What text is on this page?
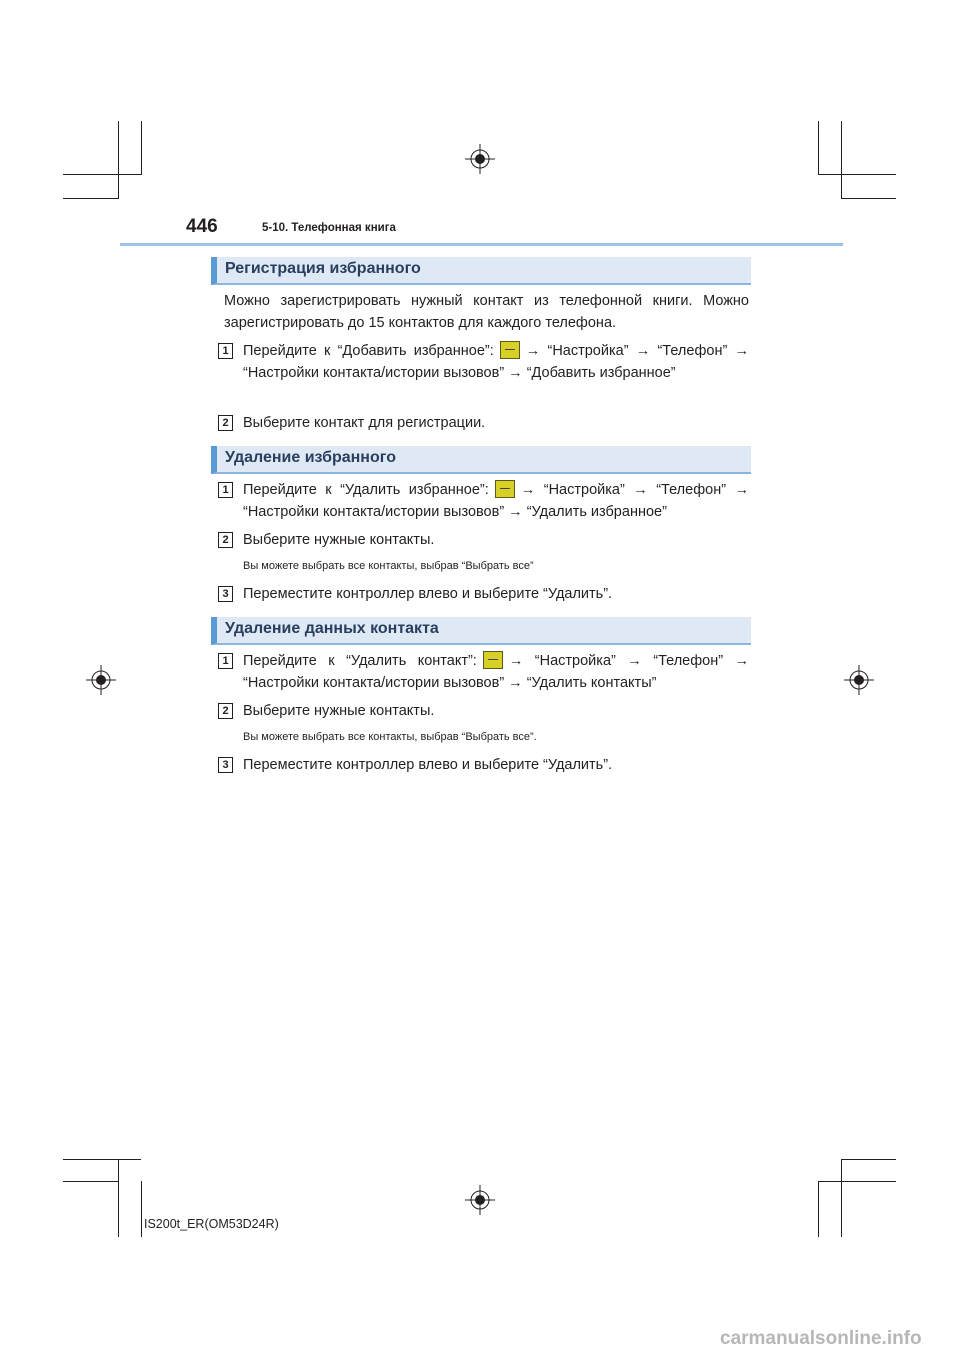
446	5-10. Телефонная книга
Регистрация избранного
Можно зарегистрировать нужный контакт из телефонной книги. Можно зарегистрировать до 15 контактов для каждого телефона.
1 Перейдите к “Добавить избранное”: → “Настройка” → “Телефон” → “Настройки контакта/истории вызовов” → “Добавить избранное”
2 Выберите контакт для регистрации.
Удаление избранного
1 Перейдите к “Удалить избранное”: → “Настройка” → “Телефон” → “Настройки контакта/истории вызовов” → “Удалить избранное”
2 Выберите нужные контакты.
Вы можете выбрать все контакты, выбрав “Выбрать все”
3 Переместите контроллер влево и выберите “Удалить”.
Удаление данных контакта
1 Перейдите к “Удалить контакт”: → “Настройка” → “Телефон” → “Настройки контакта/истории вызовов” → “Удалить контакты”
2 Выберите нужные контакты.
Вы можете выбрать все контакты, выбрав “Выбрать все”.
3 Переместите контроллер влево и выберите “Удалить”.
IS200t_ER(OM53D24R)
carmanualsonline.info
